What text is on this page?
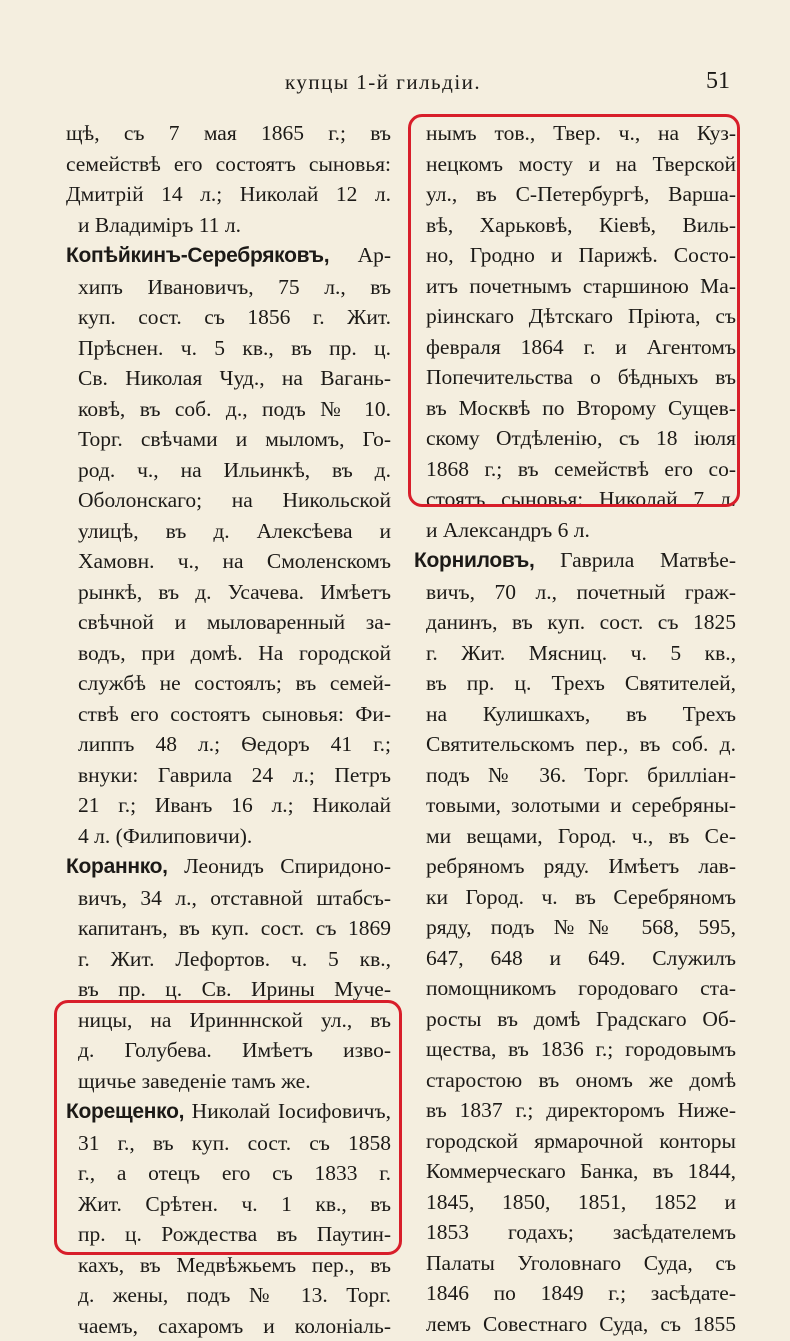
купцы 1-й гильдіи.	51
щѣ, съ 7 мая 1865 г.; въ
семействѣ его состоятъ сыновья:
Дмитрій 14 л.; Николай 12 л.
и Владиміръ 11 л.
Копѣйкинъ-Серебряковъ, Ар-
хипъ Ивановичъ, 75 л., въ
куп. сост. съ 1856 г. Жит.
Прѣснен. ч. 5 кв., въ пр. ц.
Св. Николая Чуд., на Вагань-
ковѣ, въ соб. д., подъ № 10.
Торг. свѣчами и мыломъ, Го-
род. ч., на Ильинкѣ, въ д.
Оболонскаго; на Никольской
улицѣ, въ д. Алексѣева и
Хамовн. ч., на Смоленскомъ
рынкѣ, въ д. Усачева. Имѣетъ
свѣчной и мыловаренный за-
водъ, при домѣ. На городской
службѣ не состоялъ; въ семей-
ствѣ его состоятъ сыновья: Фи-
липпъ 48 л.; Ѳедоръ 41 г.;
внуки: Гаврила 24 л.; Петръ
21 г.; Иванъ 16 л.; Николай
4 л. (Филиповичи).
Кораннко, Леонидъ Спиридоно-
вичъ, 34 л., отставной штабсъ-
капитанъ, въ куп. сост. съ 1869
г. Жит. Лефортов. ч. 5 кв.,
въ пр. ц. Св. Ирины Муче-
ницы, на Иринннской ул., въ
д. Голубева. Имѣетъ изво-
щичье заведеніе тамъ же.
Корещенко, Николай Іосифовичъ,
31 г., въ куп. сост. съ 1858
г., а отецъ его съ 1833 г.
Жит. Срѣтен. ч. 1 кв., въ
пр. ц. Рождества въ Паутин-
кахъ, въ Медвѣжьемъ пер., въ
д. жены, подъ № 13. Торг.
чаемъ, сахаромъ и колоніаль-
нымъ тов., Твер. ч., на Куз-
нецкомъ мосту и на Тверской
ул., въ С-Петербургѣ, Варша-
вѣ, Харьковѣ, Кіевѣ, Виль-
но, Гродно и Парижѣ. Состо-
итъ почетнымъ старшиною Ма-
ріинскаго Дѣтскаго Пріюта, съ
февраля 1864 г. и Агентомъ
Попечительства о бѣдныхъ въ
въ Москвѣ по Второму Сущев-
скому Отдѣленію, съ 18 іюля
1868 г.; въ семействѣ его со-
стоятъ сыновья: Николай 7 л.
и Александръ 6 л.
Корниловъ, Гаврила Матвѣе-
вичъ, 70 л., почетный граж-
данинъ, въ куп. сост. съ 1825
г. Жит. Мясниц. ч. 5 кв.,
въ пр. ц. Трехъ Святителей,
на Кулишкахъ, въ Трехъ
Святительскомъ пер., въ соб. д.
подъ № 36. Торг. брилліан-
товыми, золотыми и серебряны-
ми вещами, Город. ч., въ Се-
ребряномъ ряду. Имѣетъ лав-
ки Город. ч. въ Серебряномъ
ряду, подъ №№ 568, 595,
647, 648 и 649. Служилъ
помощникомъ городоваго ста-
росты въ домѣ Градскаго Об-
щества, въ 1836 г.; городовымъ
старостою въ ономъ же домѣ
въ 1837 г.; директоромъ Ниже-
городской ярмарочной конторы
Коммерческаго Банка, въ 1844,
1845, 1850, 1851, 1852 и
1853 годахъ; засѣдателемъ
Палаты Уголовнаго Суда, съ
1846 по 1849 г.; засѣдате-
лемъ Совестнаго Суда, съ 1855
